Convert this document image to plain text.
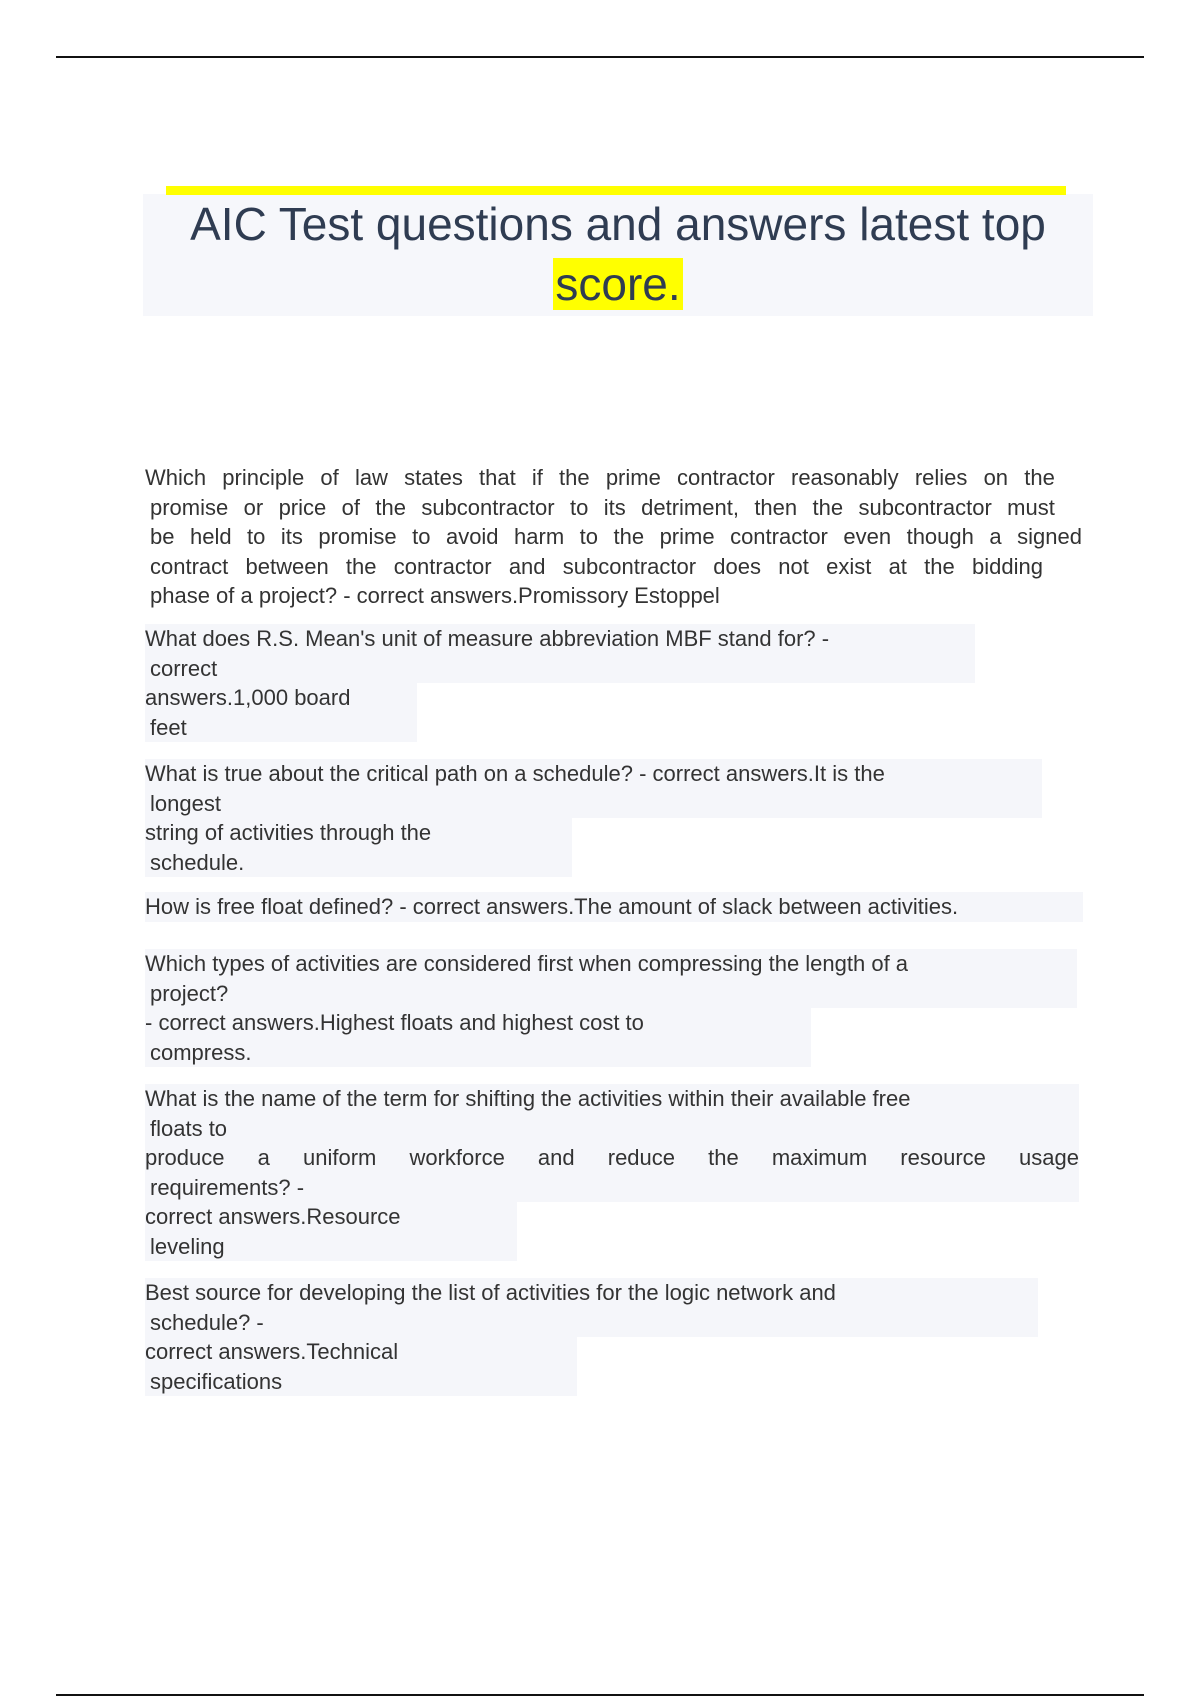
AIC Test questions and answers latest top
score.
Which principle of law states that if the prime contractor reasonably relies on the
promise or price of the subcontractor to its detriment, then the subcontractor must
be held to its promise to avoid harm to the prime contractor even though a signed
contract between the contractor and subcontractor does not exist at the bidding
phase of a project? - correct answers.Promissory Estoppel
What does R.S. Mean's unit of measure abbreviation MBF stand for? -
correct
answers.1,000 board
feet
What is true about the critical path on a schedule? - correct answers.It is the
longest
string of activities through the
schedule.
How is free float defined? - correct answers.The amount of slack between activities.
Which types of activities are considered first when compressing the length of a
project?
- correct answers.Highest floats and highest cost to
compress.
What is the name of the term for shifting the activities within their available free
floats to
produce a uniform workforce and reduce the maximum resource usage
requirements? -
correct answers.Resource
leveling
Best source for developing the list of activities for the logic network and
schedule? -
correct answers.Technical
specifications
